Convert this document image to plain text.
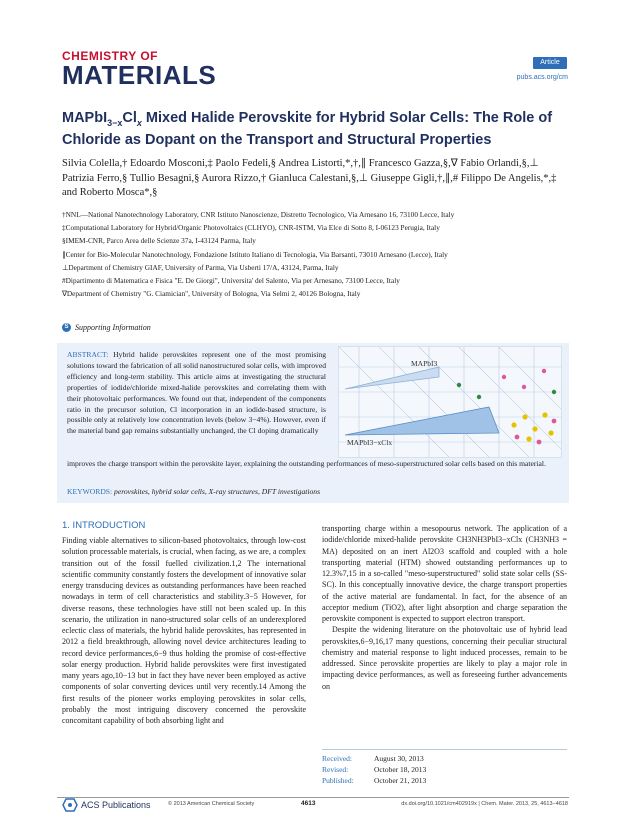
CHEMISTRY OF
MATERIALS	Article
pubs.acs.org/cm
$MAPbI_{3-x}Cl_x$ Mixed Halide Perovskite for Hybrid Solar Cells: The Role of Chloride as Dopant on the Transport and Structural Properties
Silvia Colella,† Edoardo Mosconi,‡ Paolo Fedeli,§ Andrea Listorti,*,†,∥ Francesco Gazza,§,∇ Fabio Orlandi,§,⊥ Patrizia Ferro,§ Tullio Besagni,§ Aurora Rizzo,† Gianluca Calestani,§,⊥ Giuseppe Gigli,†,∥,# Filippo De Angelis,*,‡ and Roberto Mosca*,§
†NNL—National Nanotechnology Laboratory, CNR Istituto Nanoscienze, Distretto Tecnologico, Via Arnesano 16, 73100 Lecce, Italy
‡Computational Laboratory for Hybrid/Organic Photovoltaics (CLHYO), CNR-ISTM, Via Elce di Sotto 8, I-06123 Perugia, Italy
§IMEM-CNR, Parco Area delle Scienze 37a, I-43124 Parma, Italy
∥Center for Bio-Molecular Nanotechnology, Fondazione Istituto Italiano di Tecnologia, Via Barsanti, 73010 Arnesano (Lecce), Italy
⊥Department of Chemistry GIAF, University of Parma, Via Usberti 17/A, 43124, Parma, Italy
#Dipartimento di Matematica e Fisica "E. De Giorgi", Universita' del Salento, Via per Arnesano, 73100 Lecce, Italy
∇Department of Chemistry "G. Ciamician", University of Bologna, Via Selmi 2, 40126 Bologna, Italy
S Supporting Information
ABSTRACT: Hybrid halide perovskites represent one of the most promising solutions toward the fabrication of all solid nanostructured solar cells, with improved efficiency and long-term stability. This article aims at investigating the structural properties of iodide/chloride mixed-halide perovskites and correlating them with their photovoltaic performances. We found out that, independent of the components ratio in the precursor solution, Cl incorporation in an iodide-based structure, is possible only at relatively low concentration levels (below 3−4%). However, even if the material band gap remains substantially unchanged, the Cl doping dramatically
improves the charge transport within the perovskite layer, explaining the outstanding performances of meso-superstructured solar cells based on this material.
KEYWORDS: perovskites, hybrid solar cells, X-ray structures, DFT investigations
MAPbI3
MAPbI3−xClx
1. INTRODUCTION
Finding viable alternatives to silicon-based photovoltaics, through low-cost solution processable materials, is crucial, when facing, as we are, a complex transition out of the fossil fuelled civilization.1,2 The international scientific community constantly fosters the development of innovative solar energy transducing devices as outstanding performances have been reached nowadays in term of cell characteristics and stability.3−5 However, for diverse reasons, these technologies have still not been scaled up. In this scenario, the utilization in nano-structured solar cells of an underexplored eclectic class of materials, the hybrid halide perovskites, has represented in 2012 a field breakthrough, allowing novel device architectures leading to record device performances,6−9 thus holding the promise of cost-effective solar energy production. Hybrid halide perovskites were first investigated many years ago,10−13 but in fact they have never been employed as active components of solar converting devices until very recently.14 Among the first results of the pioneer works employing perovskites in solar cells, probably the most intriguing discovery concerned the perovskite concomitant capability of both absorbing light and
transporting charge within a mesopourus network. The application of a iodide/chloride mixed-halide perovskite CH3NH3PbI3−xClx (CH3NH3 = MA) deposited on an inert Al2O3 scaffold and coupled with a hole transporting material (HTM) showed outstanding performances up to 12.3%7,15 in a so-called "meso-superstructured" solid state solar cells (SS-SC). In this conceptually innovative device, the charge transport properties of the active material are fundamental. In fact, for the absence of an acceptor medium (TiO2), after light absorption and charge separation the perovskite component is expected to support electron transport.
Despite the widening literature on the photovoltaic use of hybrid lead perovskites,6−9,16,17 many questions, concerning their peculiar structural chemistry and material response to light induced processes, remain to be addressed. Since perovskite properties are likely to play a major role in impacting device performances, as well as foreseeing further advancements on
Received:	August 30, 2013
Revised:	October 18, 2013
Published:	October 21, 2013
ACS Publications	© 2013 American Chemical Society	4613	dx.doi.org/10.1021/cm402919x | Chem. Mater. 2013, 25, 4613−4618
